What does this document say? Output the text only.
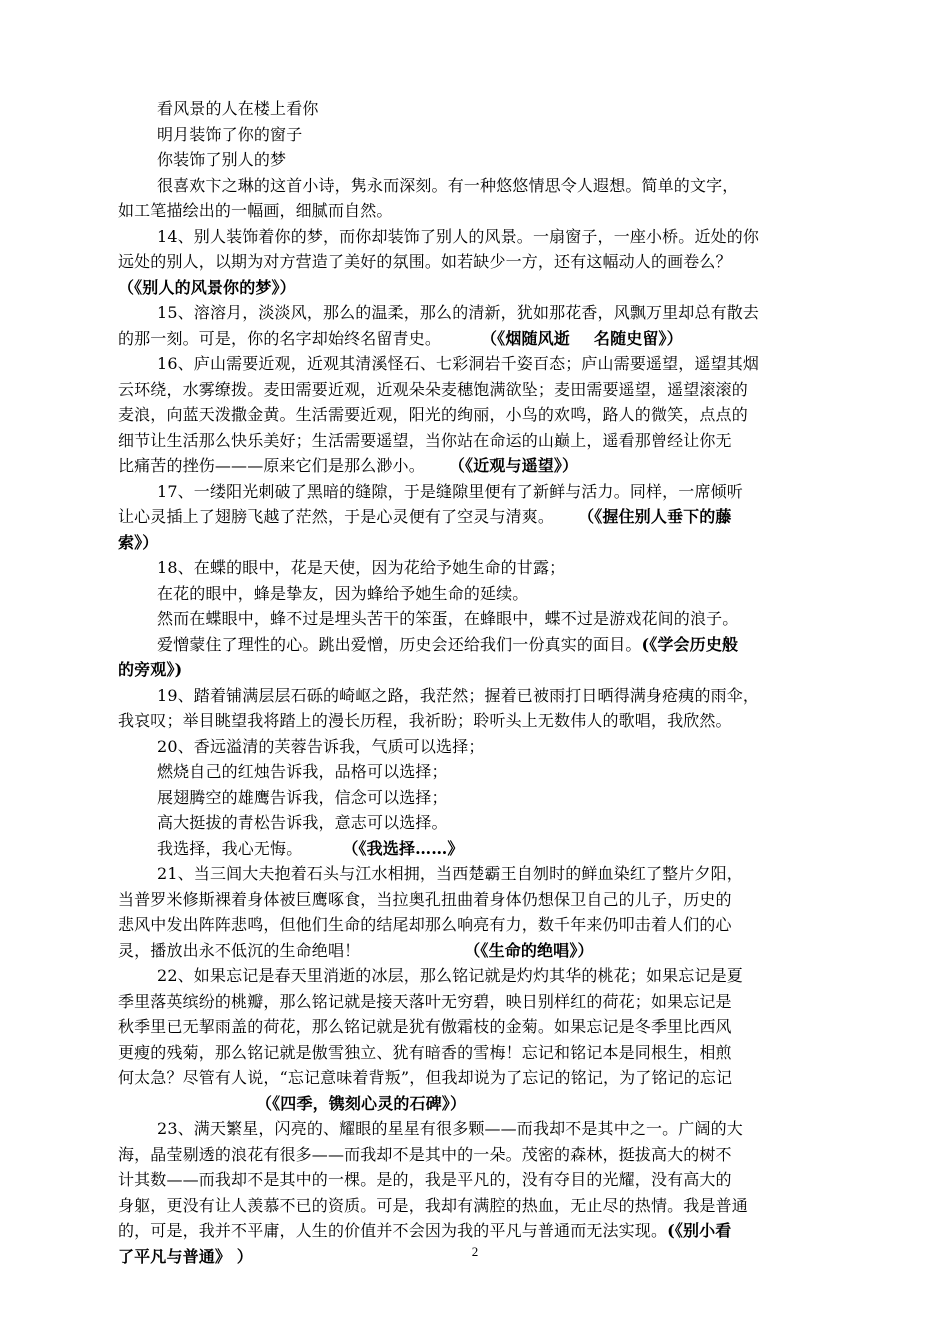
看风景的人在楼上看你
明月装饰了你的窗子
你装饰了别人的梦
很喜欢卞之琳的这首小诗，隽永而深刻。有一种悠悠情思令人遐想。简单的文字，
如工笔描绘出的一幅画，细腻而自然。
14、别人装饰着你的梦，而你却装饰了别人的风景。一扇窗子，一座小桥。近处的你
远处的别人，以期为对方营造了美好的氛围。如若缺少一方，还有这幅动人的画卷么？
（《别人的风景你的梦》）
15、溶溶月，淡淡风，那么的温柔，那么的清新，犹如那花香，风飘万里却总有散去
的那一刻。可是，你的名字却始终名留青史。	（《烟随风逝 名随史留》）
16、庐山需要近观，近观其清溪怪石、七彩洞岩千姿百态；庐山需要遥望，遥望其烟
云环绕，水雾缭拨。麦田需要近观，近观朵朵麦穗饱满欲坠；麦田需要遥望，遥望滚滚的
麦浪，向蓝天泼撒金黄。生活需要近观，阳光的绚丽，小鸟的欢鸣，路人的微笑，点点的
细节让生活那么快乐美好；生活需要遥望，当你站在命运的山巅上，遥看那曾经让你无
比痛苦的挫伤———原来它们是那么渺小。 （《近观与遥望》）
17、一缕阳光刺破了黑暗的缝隙，于是缝隙里便有了新鲜与活力。同样，一席倾听
让心灵插上了翅膀飞越了茫然，于是心灵便有了空灵与清爽。 （《握住别人垂下的藤
索》）
18、在蝶的眼中，花是天使，因为花给予她生命的甘露；
在花的眼中，蜂是挚友，因为蜂给予她生命的延续。
然而在蝶眼中，蜂不过是埋头苦干的笨蛋，在蜂眼中，蝶不过是游戏花间的浪子。
爱憎蒙住了理性的心。跳出爱憎，历史会还给我们一份真实的面目。(《学会历史般
的旁观》)
19、踏着铺满层层石砾的崎岖之路，我茫然；握着已被雨打日晒得满身疮痍的雨伞，
我哀叹；举目眺望我将踏上的漫长历程，我祈盼；聆听头上无数伟人的歌唱，我欣然。
20、香远溢清的芙蓉告诉我，气质可以选择；
燃烧自己的红烛告诉我，品格可以选择；
展翅腾空的雄鹰告诉我，信念可以选择；
高大挺拔的青松告诉我，意志可以选择。
我选择，我心无悔。	（《我选择……》
21、当三闾大夫抱着石头与江水相拥，当西楚霸王自刎时的鲜血染红了整片夕阳，
当普罗米修斯裸着身体被巨鹰啄食，当拉奥孔扭曲着身体仍想保卫自己的儿子，历史的
悲风中发出阵阵悲鸣，但他们生命的结尾却那么响亮有力，数千年来仍叩击着人们的心
灵，播放出永不低沉的生命绝唱！	（《生命的绝唱》）
22、如果忘记是春天里消逝的冰层，那么铭记就是灼灼其华的桃花；如果忘记是夏
季里落英缤纷的桃瓣，那么铭记就是接天落叶无穷碧，映日别样红的荷花；如果忘记是
秋季里已无挈雨盖的荷花，那么铭记就是犹有傲霜枝的金菊。如果忘记是冬季里比西风
更瘦的残菊，那么铭记就是傲雪独立、犹有暗香的雪梅！忘记和铭记本是同根生，相煎
何太急？尽管有人说，“忘记意味着背叛”，但我却说为了忘记的铭记，为了铭记的忘记
（《四季，镌刻心灵的石碑》）
23、满天繁星，闪亮的、耀眼的星星有很多颗——而我却不是其中之一。广阔的大
海，晶莹剔透的浪花有很多——而我却不是其中的一朵。茂密的森林，挺拔高大的树不
计其数——而我却不是其中的一棵。是的，我是平凡的，没有夺目的光耀，没有高大的
身躯，更没有让人羡慕不已的资质。可是，我却有满腔的热血，无止尽的热情。我是普通
的，可是，我并不平庸，人生的价值并不会因为我的平凡与普通而无法实现。(《别小看
了平凡与普通》 ）	2
